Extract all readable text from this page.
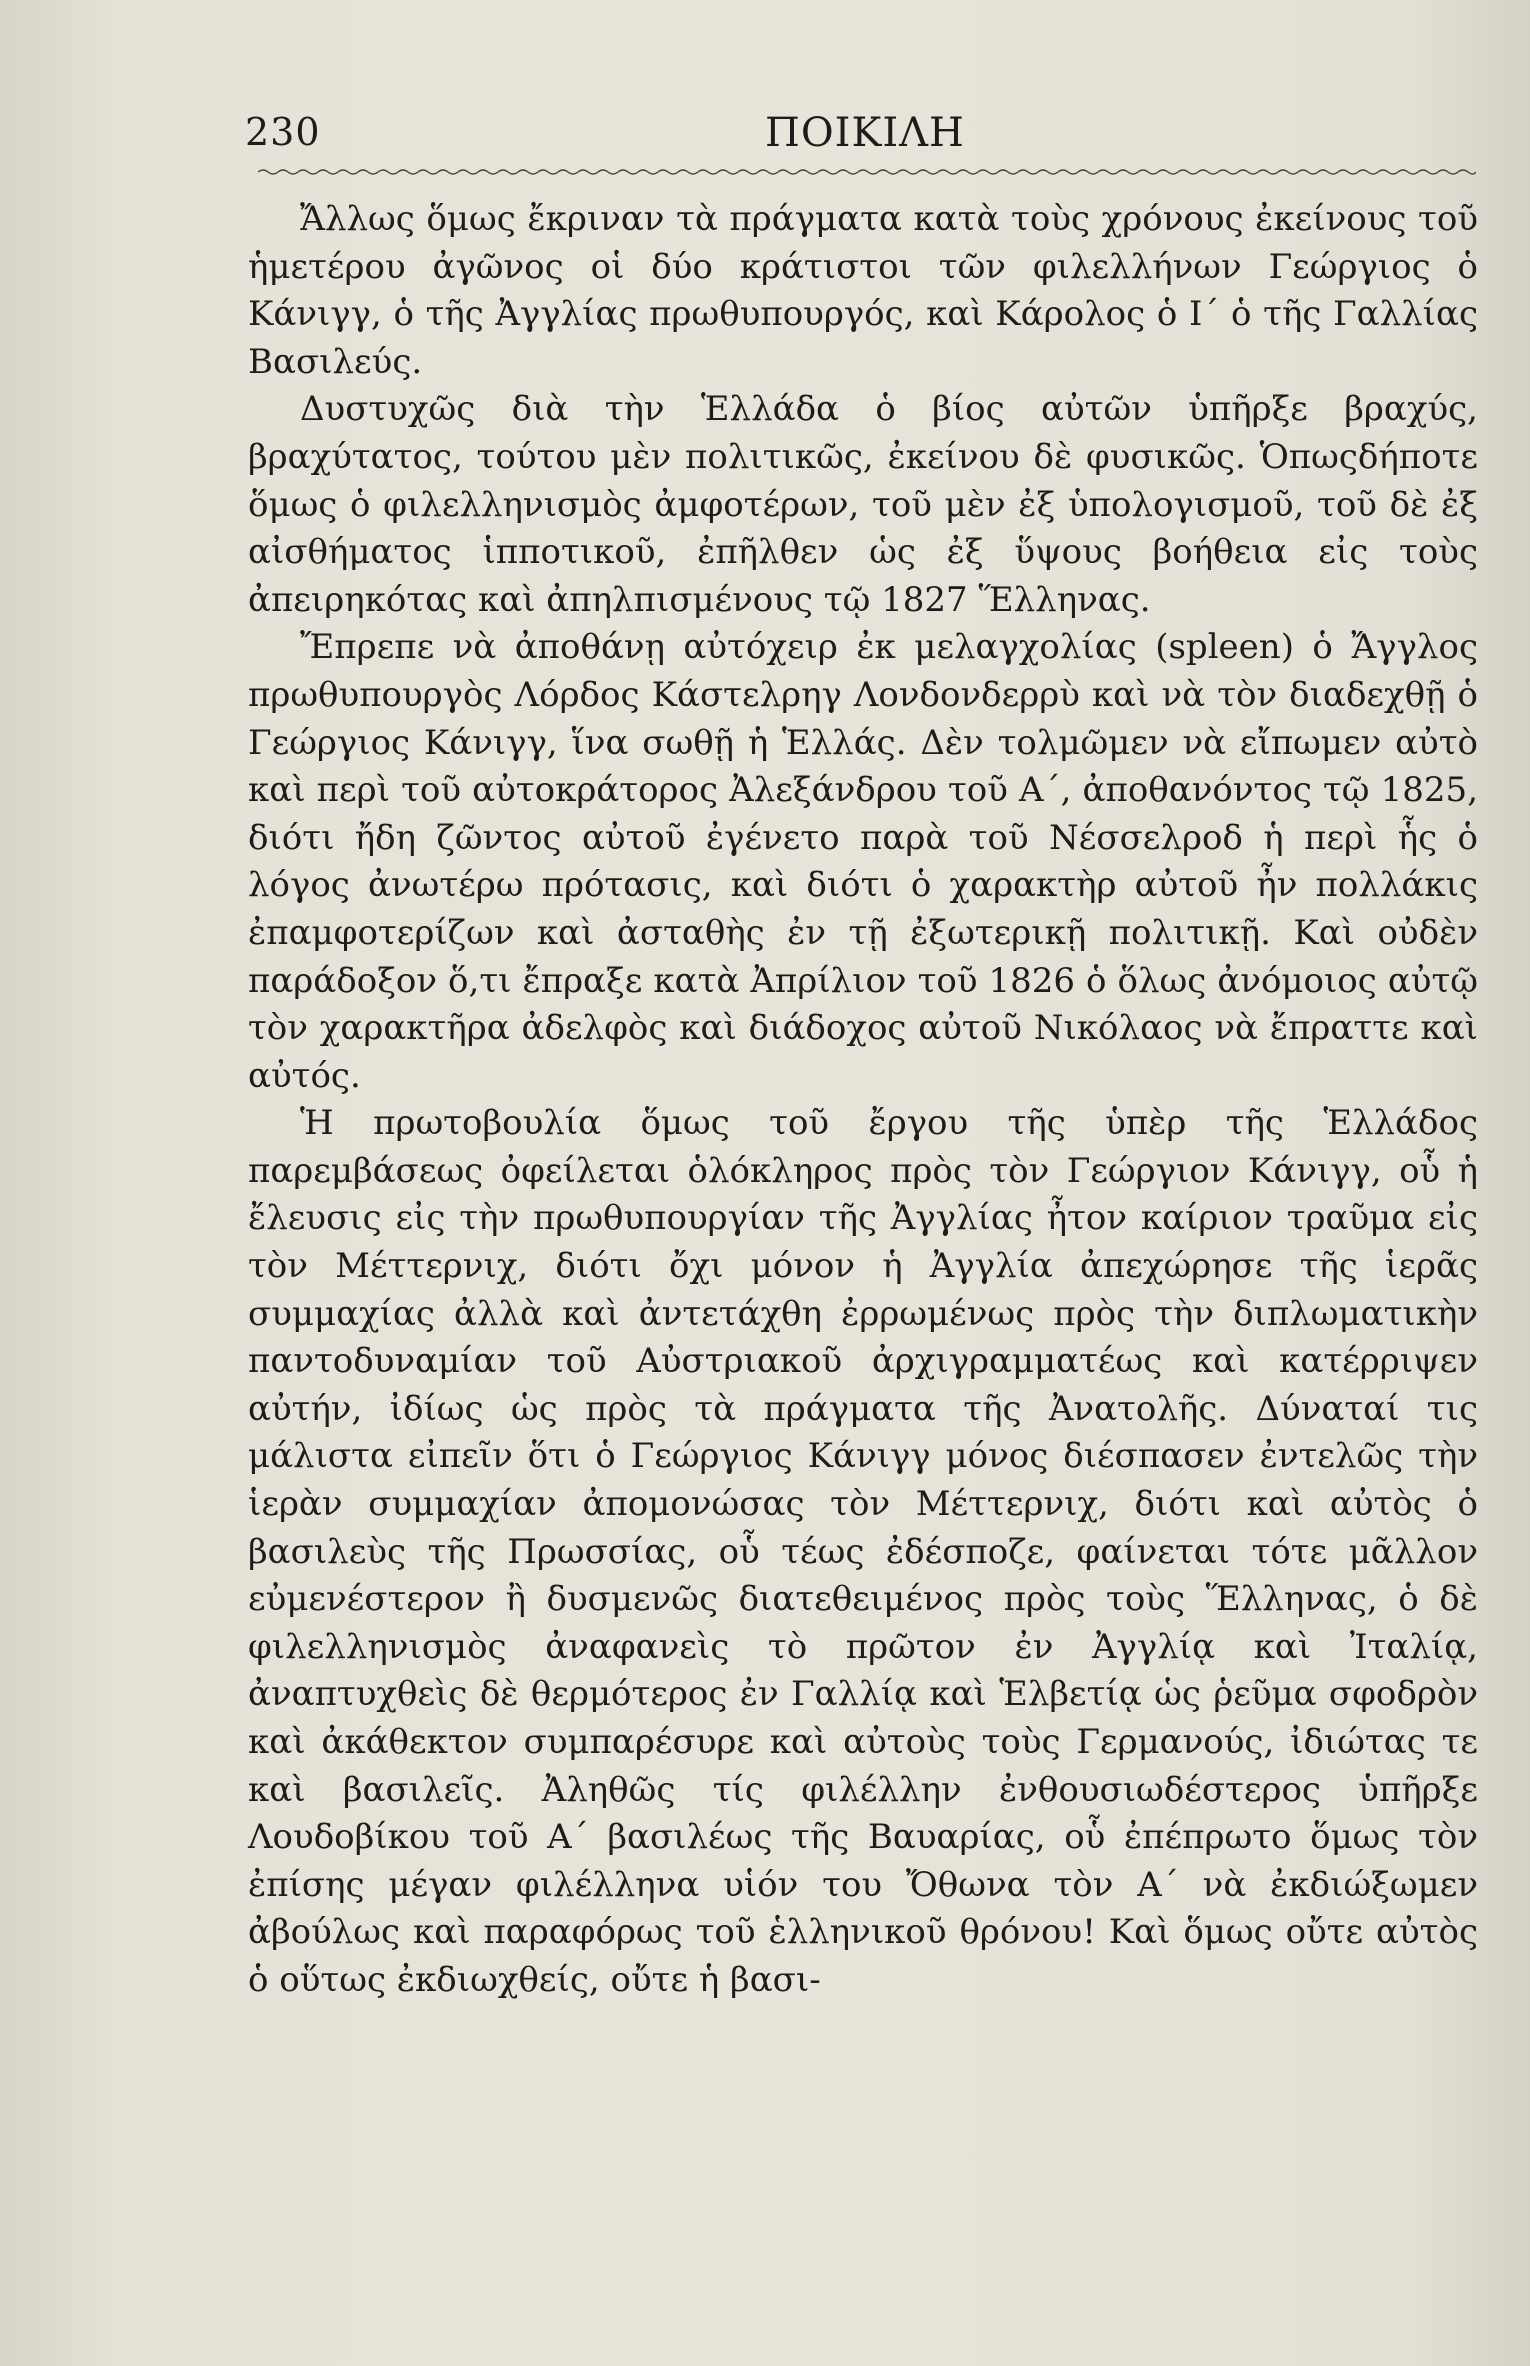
230	ΠΟΙΚΙΛΗ

Ἄλλως ὅμως ἔκριναν τὰ πράγματα κατὰ τοὺς χρόνους ἐκείνους τοῦ ἡμετέρου ἀγῶνος οἱ δύο κράτιστοι τῶν φιλελλήνων Γεώργιος ὁ Κάνιγγ, ὁ τῆς Ἀγγλίας πρωθυπουργός, καὶ Κάρολος ὁ Ι΄ ὁ τῆς Γαλλίας Βασιλεύς.

Δυστυχῶς διὰ τὴν Ἑλλάδα ὁ βίος αὐτῶν ὑπῆρξε βραχύς, βραχύτατος, τούτου μὲν πολιτικῶς, ἐκείνου δὲ φυσικῶς. Ὁπωςδήποτε ὅμως ὁ φιλελληνισμὸς ἀμφοτέρων, τοῦ μὲν ἐξ ὑπολογισμοῦ, τοῦ δὲ ἐξ αἰσθήματος ἱπποτικοῦ, ἐπῆλθεν ὡς ἐξ ὕψους βοήθεια εἰς τοὺς ἀπειρηκότας καὶ ἀπηλπισμένους τῷ 1827 Ἕλληνας.

Ἔπρεπε νὰ ἀποθάνῃ αὐτόχειρ ἐκ μελαγχολίας (spleen) ὁ Ἄγγλος πρωθυπουργὸς Λόρδος Κάστελρηγ Λονδονδερρὺ καὶ νὰ τὸν διαδεχθῇ ὁ Γεώργιος Κάνιγγ, ἵνα σωθῇ ἡ Ἑλλάς. Δὲν τολμῶμεν νὰ εἴπωμεν αὐτὸ καὶ περὶ τοῦ αὐτοκράτορος Ἀλεξάνδρου τοῦ Α΄, ἀποθανόντος τῷ 1825, διότι ἤδη ζῶντος αὐτοῦ ἐγένετο παρὰ τοῦ Νέσσελροδ ἡ περὶ ἧς ὁ λόγος ἀνωτέρω πρότασις, καὶ διότι ὁ χαρακτὴρ αὐτοῦ ἦν πολλάκις ἐπαμφοτερίζων καὶ ἀσταθὴς ἐν τῇ ἐξωτερικῇ πολιτικῇ. Καὶ οὐδὲν παράδοξον ὅ,τι ἔπραξε κατὰ Ἀπρίλιον τοῦ 1826 ὁ ὅλως ἀνόμοιος αὐτῷ τὸν χαρακτῆρα ἀδελφὸς καὶ διάδοχος αὐτοῦ Νικόλαος νὰ ἔπραττε καὶ αὐτός.

Ἡ πρωτοβουλία ὅμως τοῦ ἔργου τῆς ὑπὲρ τῆς Ἑλλάδος παρεμβάσεως ὀφείλεται ὁλόκληρος πρὸς τὸν Γεώργιον Κάνιγγ, οὗ ἡ ἔλευσις εἰς τὴν πρωθυπουργίαν τῆς Ἀγγλίας ἦτον καίριον τραῦμα εἰς τὸν Μέττερνιχ, διότι ὄχι μόνον ἡ Ἀγγλία ἀπεχώρησε τῆς ἱερᾶς συμμαχίας ἀλλὰ καὶ ἀντετάχθη ἐρρωμένως πρὸς τὴν διπλωματικὴν παντοδυναμίαν τοῦ Αὐστριακοῦ ἀρχιγραμματέως καὶ κατέρριψεν αὐτήν, ἰδίως ὡς πρὸς τὰ πράγματα τῆς Ἀνατολῆς. Δύναταί τις μάλιστα εἰπεῖν ὅτι ὁ Γεώργιος Κάνιγγ μόνος διέσπασεν ἐντελῶς τὴν ἱερὰν συμμαχίαν ἀπομονώσας τὸν Μέττερνιχ, διότι καὶ αὐτὸς ὁ βασιλεὺς τῆς Πρωσσίας, οὗ τέως ἐδέσποζε, φαίνεται τότε μᾶλλον εὐμενέστερον ἢ δυσμενῶς διατεθειμένος πρὸς τοὺς Ἕλληνας, ὁ δὲ φιλελληνισμὸς ἀναφανεὶς τὸ πρῶτον ἐν Ἀγγλίᾳ καὶ Ἰταλίᾳ, ἀναπτυχθεὶς δὲ θερμότερος ἐν Γαλλίᾳ καὶ Ἑλβετίᾳ ὡς ῥεῦμα σφοδρὸν καὶ ἀκάθεκτον συμπαρέσυρε καὶ αὐτοὺς τοὺς Γερμανούς, ἰδιώτας τε καὶ βασιλεῖς. Ἀληθῶς τίς φιλέλλην ἐνθουσιωδέστερος ὑπῆρξε Λουδοβίκου τοῦ Α΄ βασιλέως τῆς Βαυαρίας, οὗ ἐπέπρωτο ὅμως τὸν ἐπίσης μέγαν φιλέλληνα υἱόν του Ὄθωνα τὸν Α΄ νὰ ἐκδιώξωμεν ἀβούλως καὶ παραφόρως τοῦ ἑλληνικοῦ θρόνου! Καὶ ὅμως οὔτε αὐτὸς ὁ οὕτως ἐκδιωχθείς, οὔτε ἡ βασι-
